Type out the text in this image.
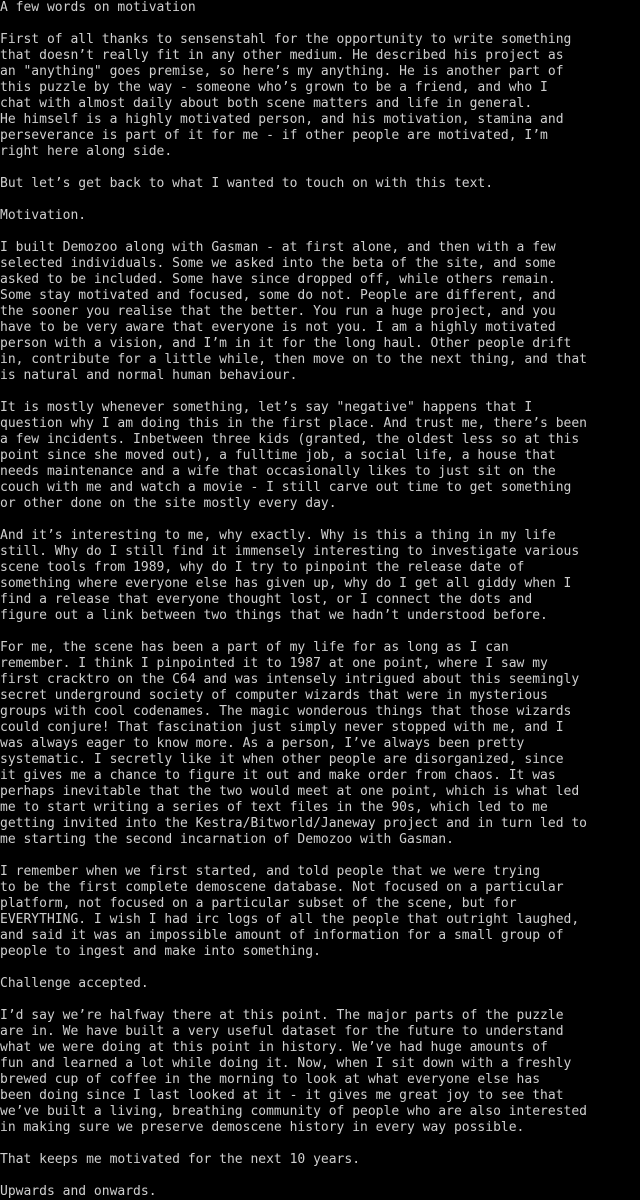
A few words on motivation
First of all thanks to sensenstahl for the opportunity to write something
that doesn’t really fit in any other medium. He described his project as
an "anything" goes premise, so here’s my anything. He is another part of
this puzzle by the way - someone who’s grown to be a friend, and who I
chat with almost daily about both scene matters and life in general.
He himself is a highly motivated person, and his motivation, stamina and
perseverance is part of it for me - if other people are motivated, I’m
right here along side.
But let’s get back to what I wanted to touch on with this text.
Motivation.
I built Demozoo along with Gasman - at first alone, and then with a few
selected individuals. Some we asked into the beta of the site, and some
asked to be included. Some have since dropped off, while others remain.
Some stay motivated and focused, some do not. People are different, and
the sooner you realise that the better. You run a huge project, and you
have to be very aware that everyone is not you. I am a highly motivated
person with a vision, and I’m in it for the long haul. Other people drift
in, contribute for a little while, then move on to the next thing, and that
is natural and normal human behaviour.
It is mostly whenever something, let’s say "negative" happens that I
question why I am doing this in the first place. And trust me, there’s been
a few incidents. Inbetween three kids (granted, the oldest less so at this
point since she moved out), a fulltime job, a social life, a house that
needs maintenance and a wife that occasionally likes to just sit on the
couch with me and watch a movie - I still carve out time to get something
or other done on the site mostly every day.
And it’s interesting to me, why exactly. Why is this a thing in my life
still. Why do I still find it immensely interesting to investigate various
scene tools from 1989, why do I try to pinpoint the release date of
something where everyone else has given up, why do I get all giddy when I
find a release that everyone thought lost, or I connect the dots and
figure out a link between two things that we hadn’t understood before.
For me, the scene has been a part of my life for as long as I can
remember. I think I pinpointed it to 1987 at one point, where I saw my
first cracktro on the C64 and was intensely intrigued about this seemingly
secret underground society of computer wizards that were in mysterious
groups with cool codenames. The magic wonderous things that those wizards
could conjure! That fascination just simply never stopped with me, and I
was always eager to know more. As a person, I’ve always been pretty
systematic. I secretly like it when other people are disorganized, since
it gives me a chance to figure it out and make order from chaos. It was
perhaps inevitable that the two would meet at one point, which is what led
me to start writing a series of text files in the 90s, which led to me
getting invited into the Kestra/Bitworld/Janeway project and in turn led to
me starting the second incarnation of Demozoo with Gasman.
I remember when we first started, and told people that we were trying
to be the first complete demoscene database. Not focused on a particular
platform, not focused on a particular subset of the scene, but for
EVERYTHING. I wish I had irc logs of all the people that outright laughed,
and said it was an impossible amount of information for a small group of
people to ingest and make into something.
Challenge accepted.
I’d say we’re halfway there at this point. The major parts of the puzzle
are in. We have built a very useful dataset for the future to understand
what we were doing at this point in history. We’ve had huge amounts of
fun and learned a lot while doing it. Now, when I sit down with a freshly
brewed cup of coffee in the morning to look at what everyone else has
been doing since I last looked at it - it gives me great joy to see that
we’ve built a living, breathing community of people who are also interested
in making sure we preserve demoscene history in every way possible.
That keeps me motivated for the next 10 years.
Upwards and onwards.
